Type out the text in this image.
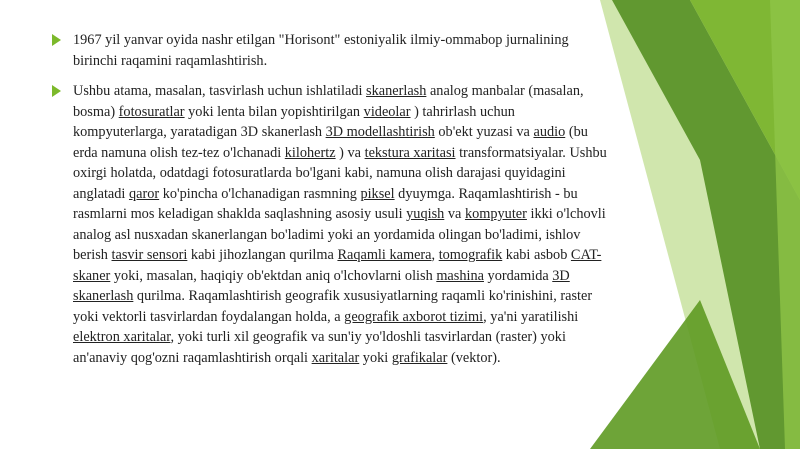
1967 yil yanvar oyida nashr etilgan "Horisont" estoniyalik ilmiy-ommabop jurnalining birinchi raqamini raqamlashtirish.
Ushbu atama, masalan, tasvirlash uchun ishlatiladi skanerlash analog manbalar (masalan, bosma) fotosuratlar yoki lenta bilan yopishtirilgan videolar ) tahrirlash uchun kompyuterlarga, yaratadigan 3D skanerlash 3D modellashtirish ob'ekt yuzasi va audio (bu erda namuna olish tez-tez o'lchanadi kilohertz ) va tekstura xaritasi transformatsiyalar. Ushbu oxirgi holatda, odatdagi fotosuratlarda bo'lgani kabi, namuna olish darajasi quyidagini anglatadi qaror ko'pincha o'lchanadigan rasmning piksel dyuymga. Raqamlashtirish - bu rasmlarni mos keladigan shaklda saqlashning asosiy usuli yuqish va kompyuter ikki o'lchovli analog asl nusxadan skanerlangan bo'ladimi yoki an yordamida olingan bo'ladimi, ishlov berish tasvir sensori kabi jihozlangan qurilma Raqamli kamera, tomografik kabi asbob CAT-skaner yoki, masalan, haqiqiy ob'ektdan aniq o'lchovlarni olish mashina yordamida 3D skanerlash qurilma. Raqamlashtirish geografik xususiyatlarning raqamli ko'rinishini, raster yoki vektorli tasvirlardan foydalangan holda, a geografik axborot tizimi, ya'ni yaratilishi elektron xaritalar, yoki turli xil geografik va sun'iy yo'ldoshli tasvirlardan (raster) yoki an'anaviy qog'ozni raqamlashtirish orqali xaritalar yoki grafikalar (vektor).
